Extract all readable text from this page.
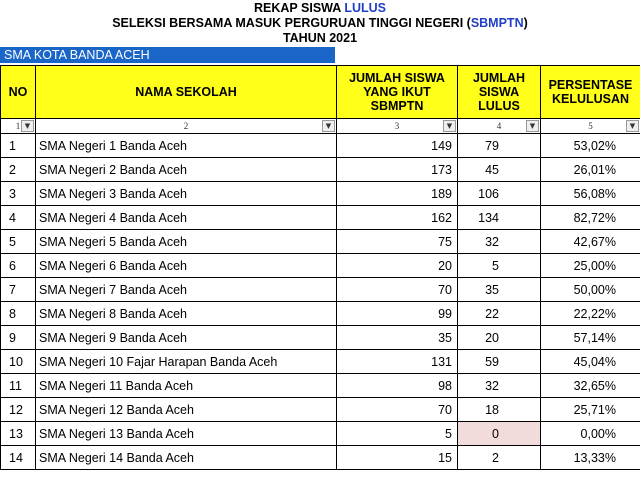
REKAP SISWA LULUS
SELEKSI BERSAMA MASUK PERGURUAN TINGGI NEGERI (SBMPTN)
TAHUN 2021
SMA KOTA BANDA ACEH
NO	NAMA SEKOLAH	JUMLAH SISWA YANG IKUT SBMPTN	JUMLAH SISWA LULUS	PERSENTASE KELULUSAN
1 ▼	2 ▼	3 ▼	4 ▼	5 ▼

1	SMA Negeri 1 Banda Aceh	149	79	53,02%
2	SMA Negeri 2 Banda Aceh	173	45	26,01%
3	SMA Negeri 3 Banda Aceh	189	106	56,08%
4	SMA Negeri 4 Banda Aceh	162	134	82,72%
5	SMA Negeri 5 Banda Aceh	75	32	42,67%
6	SMA Negeri 6 Banda Aceh	20	5	25,00%
7	SMA Negeri 7 Banda Aceh	70	35	50,00%
8	SMA Negeri 8 Banda Aceh	99	22	22,22%
9	SMA Negeri 9 Banda Aceh	35	20	57,14%
10	SMA Negeri 10 Fajar Harapan Banda Aceh	131	59	45,04%
11	SMA Negeri 11 Banda Aceh	98	32	32,65%
12	SMA Negeri 12 Banda Aceh	70	18	25,71%
13	SMA Negeri 13 Banda Aceh	5	0	0,00%
14	SMA Negeri 14 Banda Aceh	15	2	13,33%
